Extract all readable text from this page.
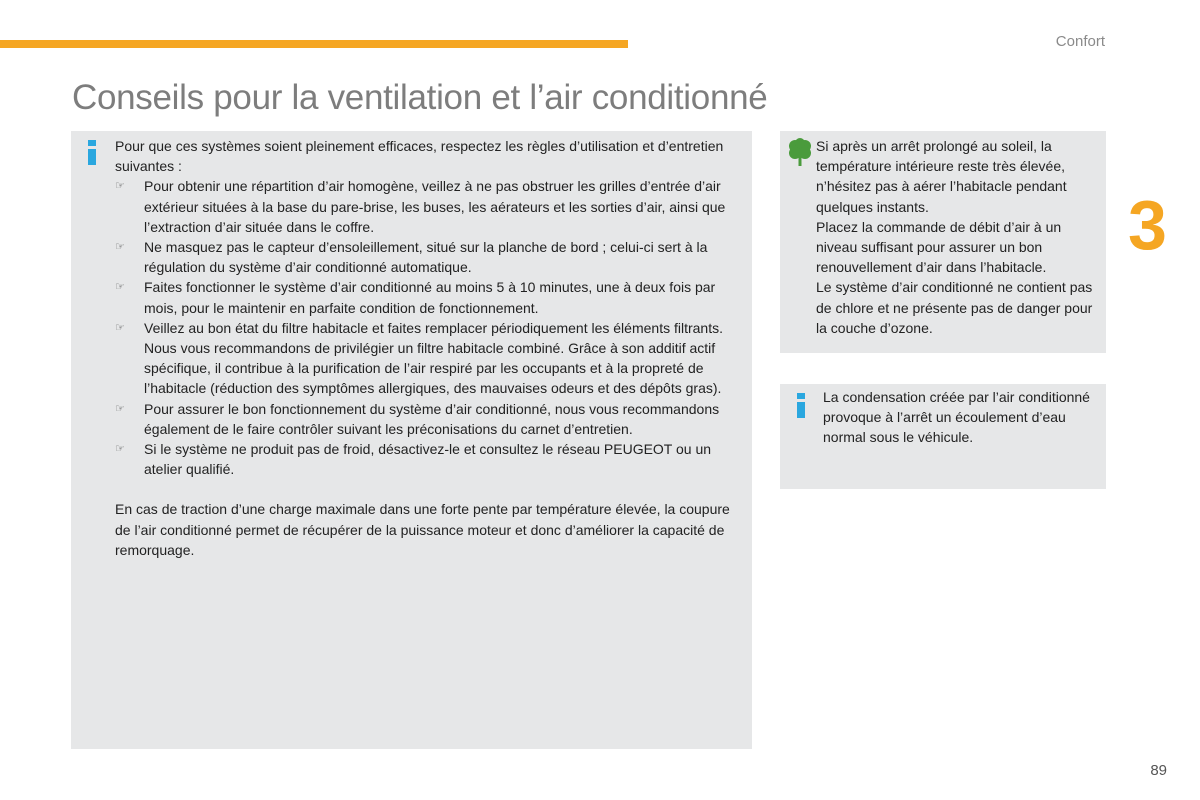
Confort
Conseils pour la ventilation et l’air conditionné
3

Pour que ces systèmes soient pleinement efficaces, respectez les règles d’utilisation et d’entretien suivantes :

☞ Pour obtenir une répartition d’air homogène, veillez à ne pas obstruer les grilles d’entrée d’air extérieur situées à la base du pare-brise, les buses, les aérateurs et les sorties d’air, ainsi que l’extraction d’air située dans le coffre.
☞ Ne masquez pas le capteur d’ensoleillement, situé sur la planche de bord ; celui-ci sert à la régulation du système d’air conditionné automatique.
☞ Faites fonctionner le système d’air conditionné au moins 5 à 10 minutes, une à deux fois par mois, pour le maintenir en parfaite condition de fonctionnement.
☞ Veillez au bon état du filtre habitacle et faites remplacer périodiquement les éléments filtrants.
Nous vous recommandons de privilégier un filtre habitacle combiné. Grâce à son additif actif spécifique, il contribue à la purification de l’air respiré par les occupants et à la propreté de l’habitacle (réduction des symptômes allergiques, des mauvaises odeurs et des dépôts gras).
☞ Pour assurer le bon fonctionnement du système d’air conditionné, nous vous recommandons également de le faire contrôler suivant les préconisations du carnet d’entretien.
☞ Si le système ne produit pas de froid, désactivez-le et consultez le réseau PEUGEOT ou un atelier qualifié.

En cas de traction d’une charge maximale dans une forte pente par température élevée, la coupure de l’air conditionné permet de récupérer de la puissance moteur et donc d’améliorer la capacité de remorquage.

Si après un arrêt prolongé au soleil, la température intérieure reste très élevée, n’hésitez pas à aérer l’habitacle pendant quelques instants.

Placez la commande de débit d’air à un niveau suffisant pour assurer un bon renouvellement d’air dans l’habitacle.

Le système d’air conditionné ne contient pas de chlore et ne présente pas de danger pour la couche d’ozone.

La condensation créée par l’air conditionné provoque à l’arrêt un écoulement d’eau normal sous le véhicule.

89
